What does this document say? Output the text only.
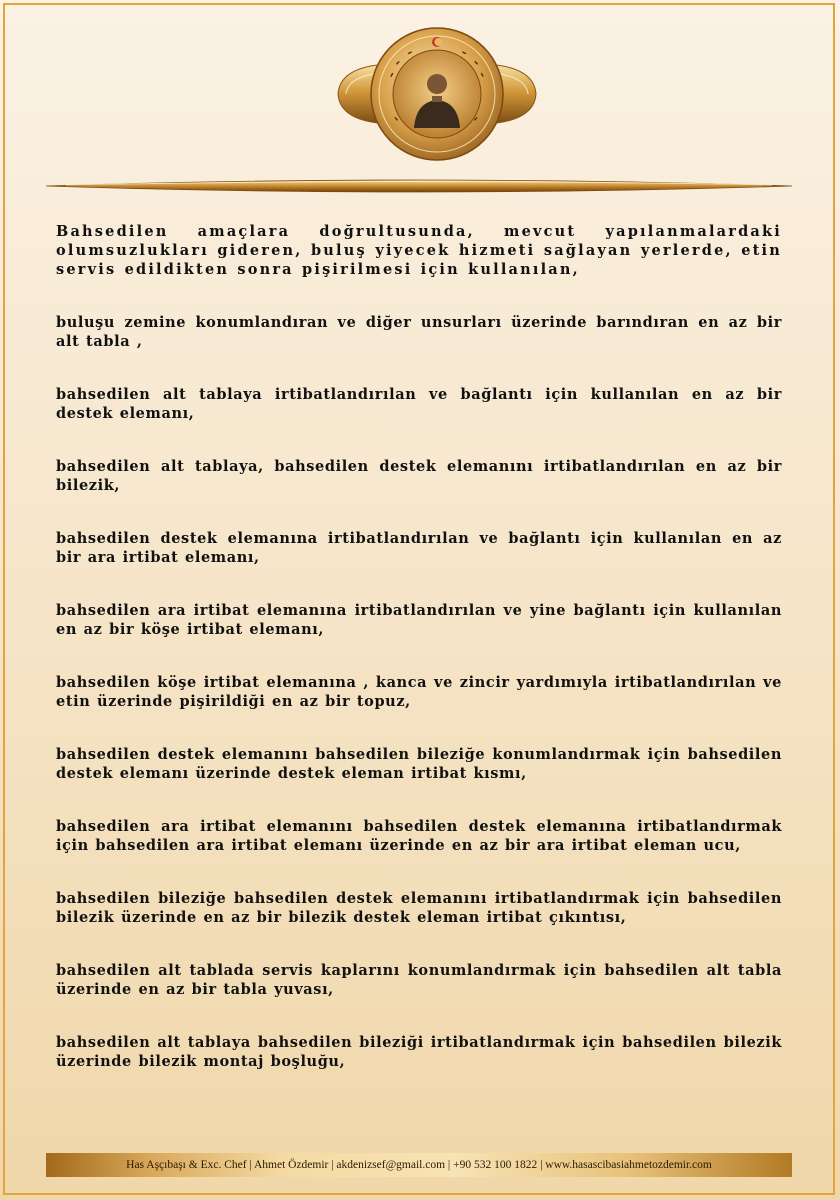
Bahsedilen amaçlara doğrultusunda, mevcut yapılanmalardaki olumsuzlukları gideren, buluş yiyecek hizmeti sağlayan yerlerde, etin servis edildikten sonra pişirilmesi için kullanılan,

buluşu zemine konumlandıran ve diğer unsurları üzerinde barındıran en az bir alt tabla ,

bahsedilen alt tablaya irtibatlandırılan ve bağlantı için kullanılan en az bir destek elemanı,

bahsedilen alt tablaya, bahsedilen destek elemanını irtibatlandırılan en az bir bilezik,

bahsedilen destek elemanına irtibatlandırılan ve bağlantı için kullanılan en az bir ara irtibat elemanı,

bahsedilen ara irtibat elemanına irtibatlandırılan ve yine bağlantı için kullanılan en az bir köşe irtibat elemanı,

bahsedilen köşe irtibat elemanına , kanca ve zincir yardımıyla irtibatlandırılan ve etin üzerinde pişirildiği en az bir topuz,

bahsedilen destek elemanını bahsedilen bileziğe konumlandırmak için bahsedilen destek elemanı üzerinde destek eleman irtibat kısmı,

bahsedilen ara irtibat elemanını bahsedilen destek elemanına irtibatlandırmak için bahsedilen ara irtibat elemanı üzerinde en az bir ara irtibat eleman ucu,

bahsedilen bileziğe bahsedilen destek elemanını irtibatlandırmak için bahsedilen bilezik üzerinde en az bir bilezik destek eleman irtibat çıkıntısı,

bahsedilen alt tablada servis kaplarını konumlandırmak için bahsedilen alt tabla üzerinde en az bir tabla yuvası,

bahsedilen alt tablaya bahsedilen bileziği irtibatlandırmak için bahsedilen bilezik üzerinde bilezik montaj boşluğu,

Has Aşçıbaşı & Exc. Chef | Ahmet Özdemir | akdenizsef@gmail.com | +90 532 100 1822 | www.hasascibasiahmetozdemir.com
